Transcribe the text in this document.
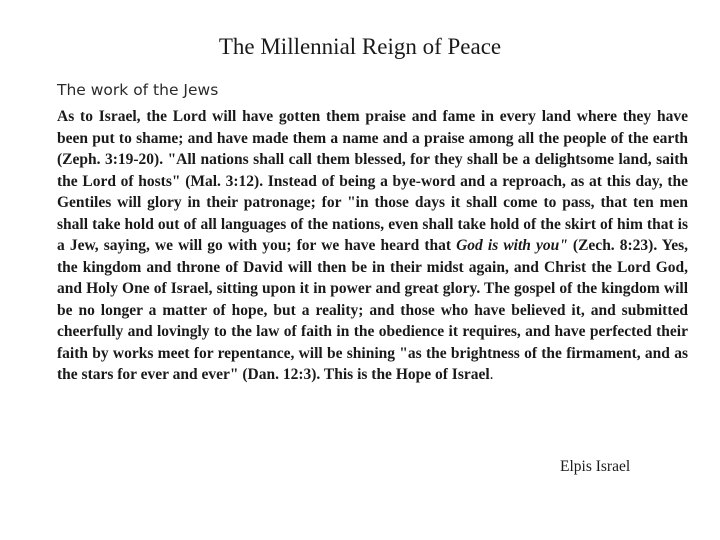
The Millennial Reign of Peace
The work of the Jews

As to Israel, the Lord will have gotten them praise and fame in every land where they have been put to shame; and have made them a name and a praise among all the people of the earth (Zeph. 3:19-20). "All nations shall call them blessed, for they shall be a delightsome land, saith the Lord of hosts" (Mal. 3:12). Instead of being a bye-word and a reproach, as at this day, the Gentiles will glory in their patronage; for "in those days it shall come to pass, that ten men shall take hold out of all languages of the nations, even shall take hold of the skirt of him that is a Jew, saying, we will go with you; for we have heard that God is with you" (Zech. 8:23). Yes, the kingdom and throne of David will then be in their midst again, and Christ the Lord God, and Holy One of Israel, sitting upon it in power and great glory. The gospel of the kingdom will be no longer a matter of hope, but a reality; and those who have believed it, and submitted cheerfully and lovingly to the law of faith in the obedience it requires, and have perfected their faith by works meet for repentance, will be shining "as the brightness of the firmament, and as the stars for ever and ever" (Dan. 12:3). This is the Hope of Israel.

Elpis Israel
